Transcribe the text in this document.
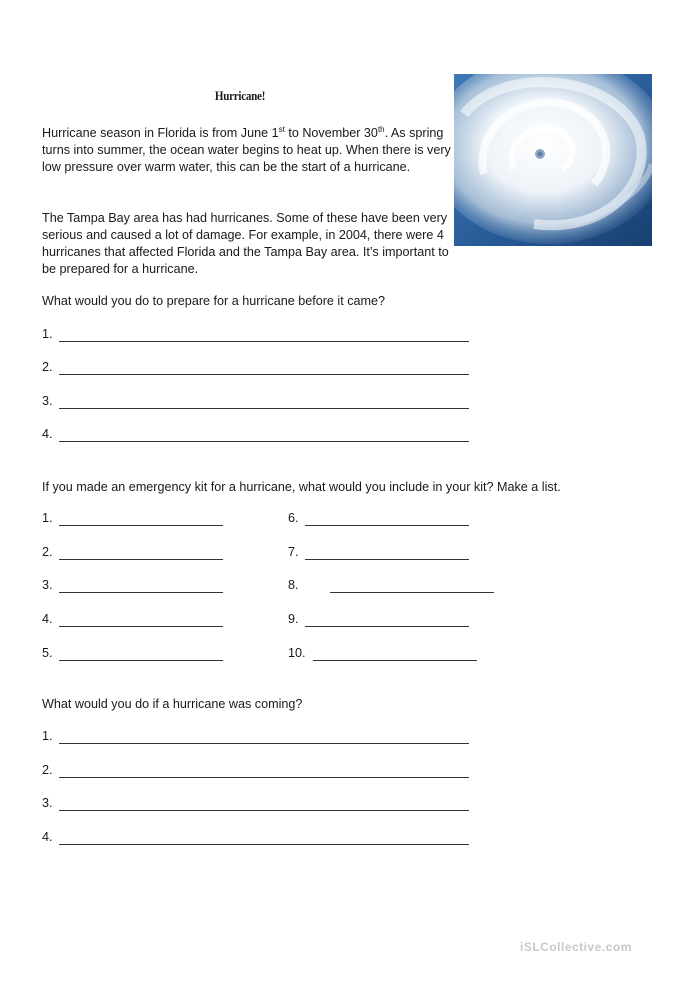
Hurricane!
Hurricane season in Florida is from June 1st to November 30th. As spring turns into summer, the ocean water begins to heat up. When there is very low pressure over warm water, this can be the start of a hurricane.
The Tampa Bay area has had hurricanes. Some of these have been very serious and caused a lot of damage. For example, in 2004, there were 4 hurricanes that affected Florida and the Tampa Bay area. It’s important to be prepared for a hurricane.
What would you do to prepare for a hurricane before it came?
1.
2.
3.
4.
If you made an emergency kit for a hurricane, what would you include in your kit? Make a list.
1.
2.
3.
4.
5.
6.
7.
8.
9.
10.
What would you do if a hurricane was coming?
1.
2.
3.
4.
iSLCollective.com
